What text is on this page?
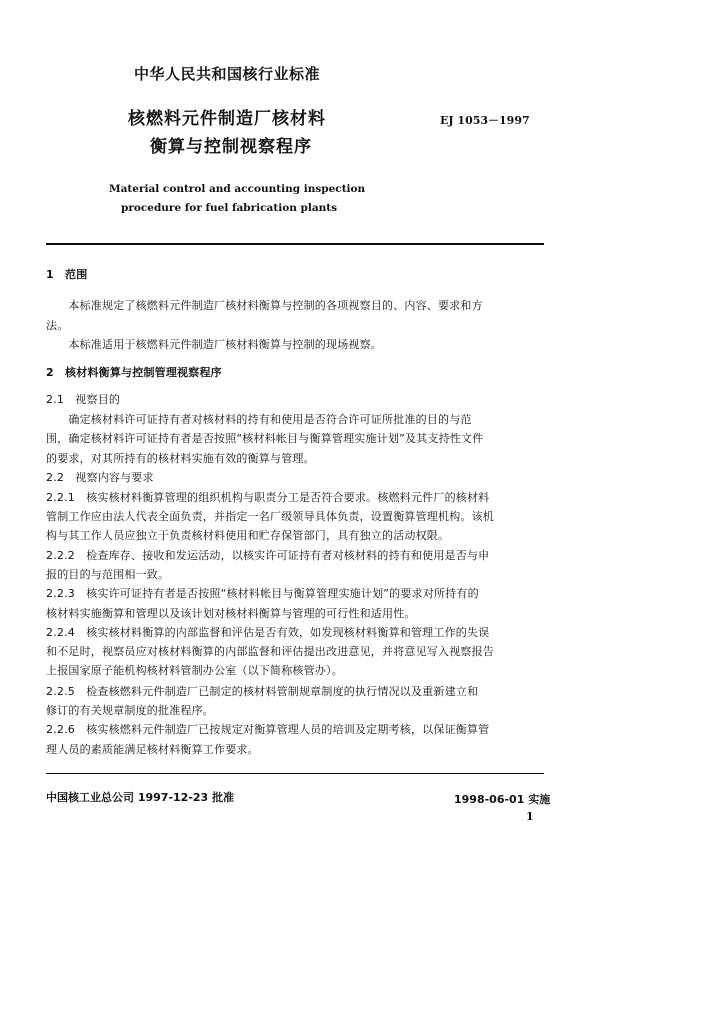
中华人民共和国核行业标准
核燃料元件制造厂核材料
衡算与控制视察程序
EJ 1053－1997
Material control and accounting inspection
procedure for fuel fabrication plants
1　范围
　　本标准规定了核燃料元件制造厂核材料衡算与控制的各项视察目的、内容、要求和方
法。
　　本标准适用于核燃料元件制造厂核材料衡算与控制的现场视察。
2　核材料衡算与控制管理视察程序
2.1　视察目的
　　确定核材料许可证持有者对核材料的持有和使用是否符合许可证所批准的目的与范
围，确定核材料许可证持有者是否按照“核材料帐目与衡算管理实施计划”及其支持性文件
的要求，对其所持有的核材料实施有效的衡算与管理。
2.2　视察内容与要求
2.2.1　核实核材料衡算管理的组织机构与职责分工是否符合要求。核燃料元件厂的核材料
管制工作应由法人代表全面负责，并指定一名厂级领导具体负责，设置衡算管理机构。该机
构与其工作人员应独立于负责核材料使用和贮存保管部门，具有独立的活动权限。
2.2.2　检查库存、接收和发运活动，以核实许可证持有者对核材料的持有和使用是否与申
报的目的与范围相一致。
2.2.3　核实许可证持有者是否按照“核材料帐目与衡算管理实施计划”的要求对所持有的
核材料实施衡算和管理以及该计划对核材料衡算与管理的可行性和适用性。
2.2.4　核实核材料衡算的内部监督和评估是否有效，如发现核材料衡算和管理工作的失误
和不足时，视察员应对核材料衡算的内部监督和评估提出改进意见，并将意见写入视察报告
上报国家原子能机构核材料管制办公室（以下简称核管办）。
2.2.5　检查核燃料元件制造厂已制定的核材料管制规章制度的执行情况以及重新建立和
修订的有关规章制度的批准程序。
2.2.6　核实核燃料元件制造厂已按规定对衡算管理人员的培训及定期考核，以保证衡算管
理人员的素质能满足核材料衡算工作要求。
中国核工业总公司 1997-12-23 批准	1998-06-01 实施
1
